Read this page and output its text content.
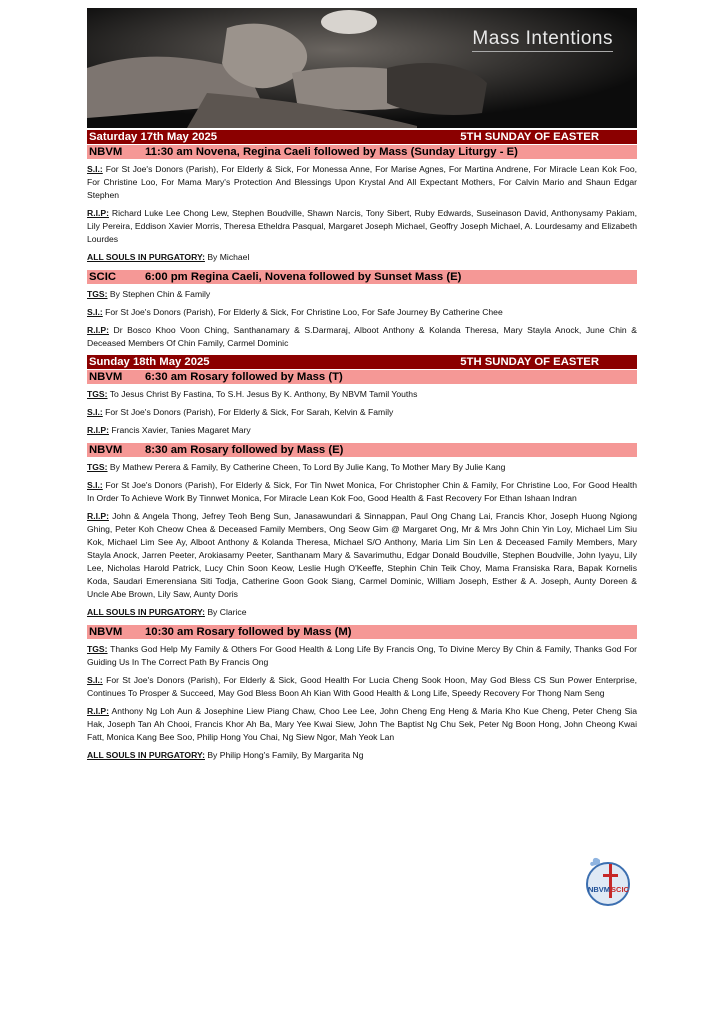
Mass Intentions
Saturday 17th May 2025	5TH SUNDAY OF EASTER
NBVM 11:30 am Novena, Regina Caeli followed by Mass (Sunday Liturgy - E)

S.I.: For St Joe's Donors (Parish), For Elderly & Sick, For Monessa Anne, For Marise Agnes, For Martina Andrene, For Miracle Lean Kok Foo, For Christine Loo, For Mama Mary's Protection And Blessings Upon Krystal And All Expectant Mothers, For Calvin Mario and Shaun Edgar Stephen

R.I.P: Richard Luke Lee Chong Lew, Stephen Boudville, Shawn Narcis, Tony Sibert, Ruby Edwards, Suseinason David, Anthonysamy Pakiam, Lily Pereira, Eddison Xavier Morris, Theresa Etheldra Pasqual, Margaret Joseph Michael, Geoffry Joseph Michael, A. Lourdesamy and Elizabeth Lourdes

ALL SOULS IN PURGATORY: By Michael

SCIC	6:00 pm Regina Caeli, Novena followed by Sunset Mass (E)

TGS: By Stephen Chin & Family

S.I.: For St Joe's Donors (Parish), For Elderly & Sick, For Christine Loo, For Safe Journey By Catherine Chee

R.I.P: Dr Bosco Khoo Voon Ching, Santhanamary & S.Darmaraj, Alboot Anthony & Kolanda Theresa, Mary Stayla Anock, June Chin & Deceased Members Of Chin Family, Carmel Dominic

Sunday 18th May 2025	5TH SUNDAY OF EASTER
NBVM 6:30 am Rosary followed by Mass (T)

TGS: To Jesus Christ By Fastina, To S.H. Jesus By K. Anthony, By NBVM Tamil Youths

S.I.: For St Joe's Donors (Parish), For Elderly & Sick, For Sarah, Kelvin & Family

R.I.P: Francis Xavier, Tanies Magaret Mary

NBVM 8:30 am Rosary followed by Mass (E)

TGS: By Mathew Perera & Family, By Catherine Cheen, To Lord By Julie Kang, To Mother Mary By Julie Kang

S.I.: For St Joe's Donors (Parish), For Elderly & Sick, For Tin Nwet Monica, For Christopher Chin & Family, For Christine Loo, For Good Health In Order To Achieve Work By Tinnwet Monica, For Miracle Lean Kok Foo, Good Health & Fast Recovery For Ethan Ishaan Indran

R.I.P: John & Angela Thong, Jefrey Teoh Beng Sun, Janasawundari & Sinnappan, Paul Ong Chang Lai, Francis Khor, Joseph Huong Ngiong Ghing, Peter Koh Cheow Chea & Deceased Family Members, Ong Seow Gim @ Margaret Ong, Mr & Mrs John Chin Yin Loy, Michael Lim Siu Kok, Michael Lim See Ay, Alboot Anthony & Kolanda Theresa, Michael S/O Anthony, Maria Lim Sin Len & Deceased Family Members, Mary Stayla Anock, Jarren Peeter, Arokiasamy Peeter, Santhanam Mary & Savarimuthu, Edgar Donald Boudville, Stephen Boudville, John Iyayu, Lily Lee, Nicholas Harold Patrick, Lucy Chin Soon Keow, Leslie Hugh O'Keeffe, Stephin Chin Teik Choy, Mama Fransiska Rara, Bapak Kornelis Koda, Saudari Emerensiana Siti Todja, Catherine Goon Gook Siang, Carmel Dominic, William Joseph, Esther & A. Joseph, Aunty Doreen & Uncle Abe Brown, Lily Saw, Aunty Doris

ALL SOULS IN PURGATORY: By Clarice

NBVM 10:30 am Rosary followed by Mass (M)

TGS: Thanks God Help My Family & Others For Good Health & Long Life By Francis Ong, To Divine Mercy By Chin & Family, Thanks God For Guiding Us In The Correct Path By Francis Ong

S.I.: For St Joe's Donors (Parish), For Elderly & Sick, Good Health For Lucia Cheng Sook Hoon, May God Bless CS Sun Power Enterprise, Continues To Prosper & Succeed, May God Bless Boon Ah Kian With Good Health & Long Life, Speedy Recovery For Thong Nam Seng

R.I.P: Anthony Ng Loh Aun & Josephine Liew Piang Chaw, Choo Lee Lee, John Cheng Eng Heng & Maria Kho Kue Cheng, Peter Cheng Sia Hak, Joseph Tan Ah Chooi, Francis Khor Ah Ba, Mary Yee Kwai Siew, John The Baptist Ng Chu Sek, Peter Ng Boon Hong, John Cheong Kwai Fatt, Monica Kang Bee Soo, Philip Hong You Chai, Ng Siew Ngor, Mah Yeok Lan

ALL SOULS IN PURGATORY: By Philip Hong's Family, By Margarita Ng

NBVM SCIC
